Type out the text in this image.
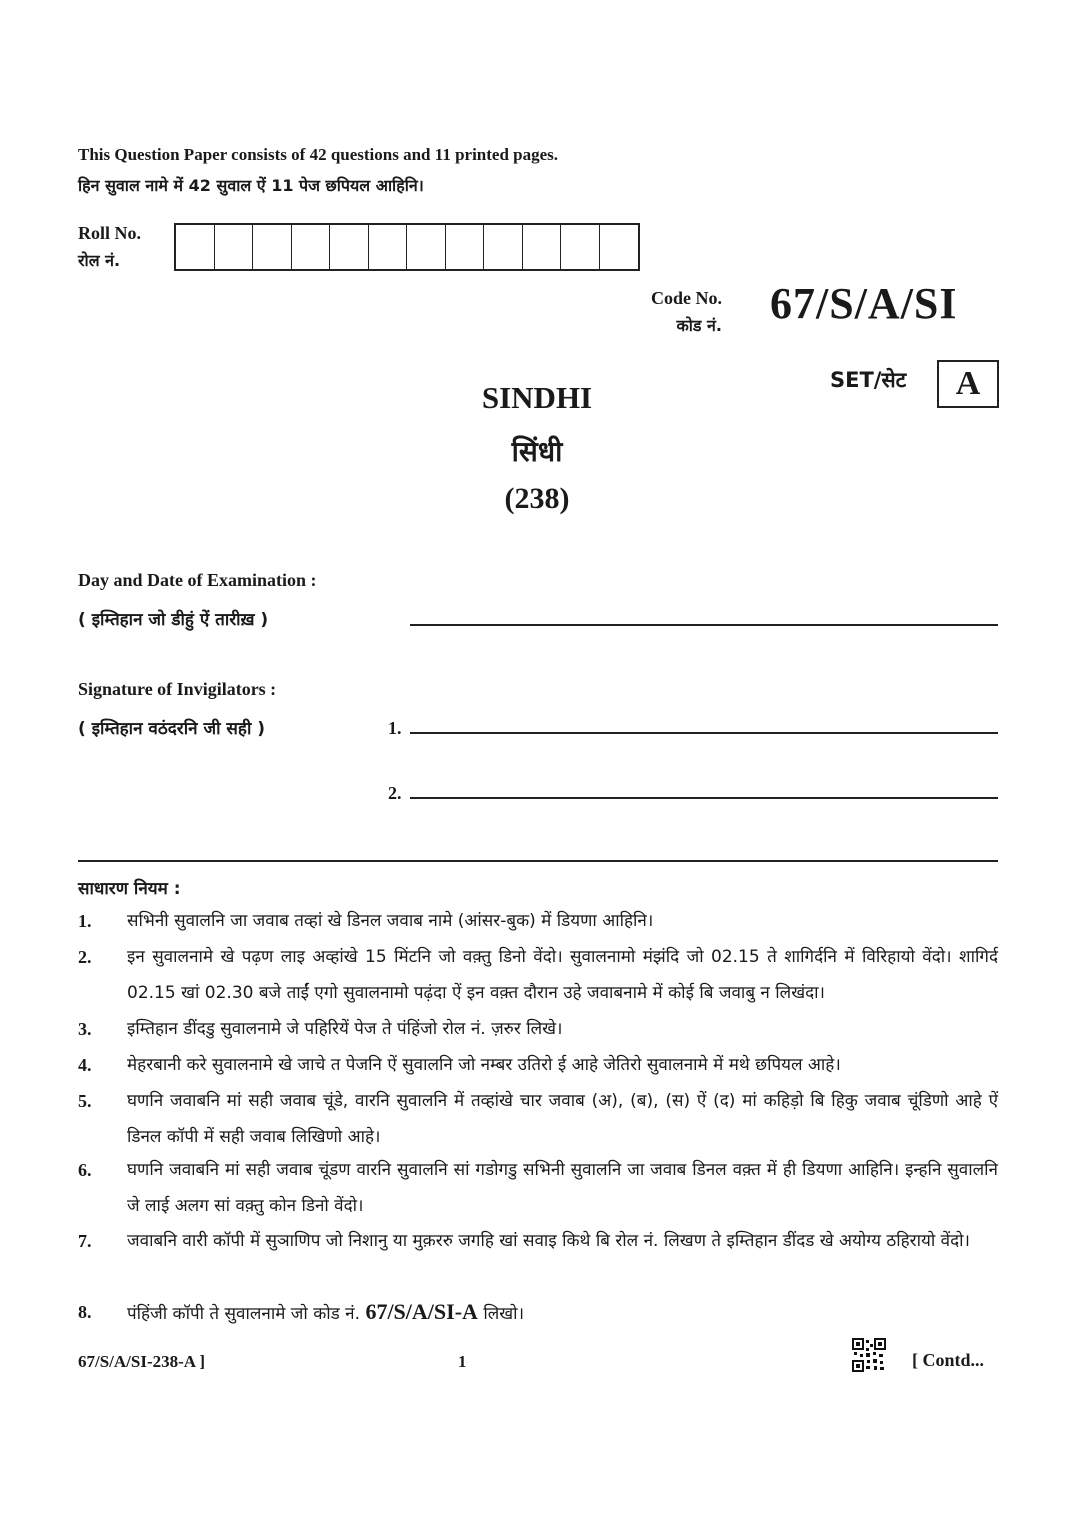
This Question Paper consists of 42 questions and 11 printed pages.
हिन सुवाल नामे में 42 सुवाल ऐं 11 पेज छपियल आहिनि।
Roll No.
रोल नं.
Code No.
कोड नं. 67/S/A/SI
SET/सेट	A
SINDHI
सिंधी
(238)
Day and Date of Examination :
( इम्तिहान जो डीहुं ऐं तारीख़ )
Signature of Invigilators :
( इम्तिहान वठंदरनि जी सही )	1.
2.
साधारण नियम :
1. सभिनी सुवालनि जा जवाब तव्हां खे डिनल जवाब नामे (आंसर-बुक) में डियणा आहिनि।
2. इन सुवालनामे खे पढ़ण लाइ अव्हांखे 15 मिंटनि जो वक़्तु डिनो वेंदो। सुवालनामो मंझंदि जो 02.15 ते शागिर्दनि में विरिहायो वेंदो। शागिर्द 02.15 खां 02.30 बजे ताईं एगो सुवालनामो पढ़ंदा ऐं इन वक़्त दौरान उहे जवाबनामे में कोई बि जवाबु न लिखंदा।
3. इम्तिहान डींदडु सुवालनामे जे पहिरियें पेज ते पंहिंजो रोल नं. ज़रुर लिखे।
4. मेहरबानी करे सुवालनामे खे जाचे त पेजनि ऐं सुवालनि जो नम्बर उतिरो ई आहे जेतिरो सुवालनामे में मथे छपियल आहे।
5. घणनि जवाबनि मां सही जवाब चूंडे, वारनि सुवालनि में तव्हांखे चार जवाब (अ), (ब), (स) ऐं (द) मां कहिड़ो बि हिकु जवाब चूंडिणो आहे ऐं डिनल कॉपी में सही जवाब लिखिणो आहे।
6. घणनि जवाबनि मां सही जवाब चूंडण वारनि सुवालनि सां गडोगडु सभिनी सुवालनि जा जवाब डिनल वक़्त में ही डियणा आहिनि। इन्हनि सुवालनि जे लाई अलग सां वक़्तु कोन डिनो वेंदो।
7. जवाबनि वारी कॉपी में सुञाणिप जो निशानु या मुक़ररु जगहि खां सवाइ किथे बि रोल नं. लिखण ते इम्तिहान डींदड खे अयोग्य ठहिरायो वेंदो।
8. पंहिंजी कॉपी ते सुवालनामे जो कोड नं. 67/S/A/SI-A लिखो।
67/S/A/SI-238-A ]	1	[ Contd...
